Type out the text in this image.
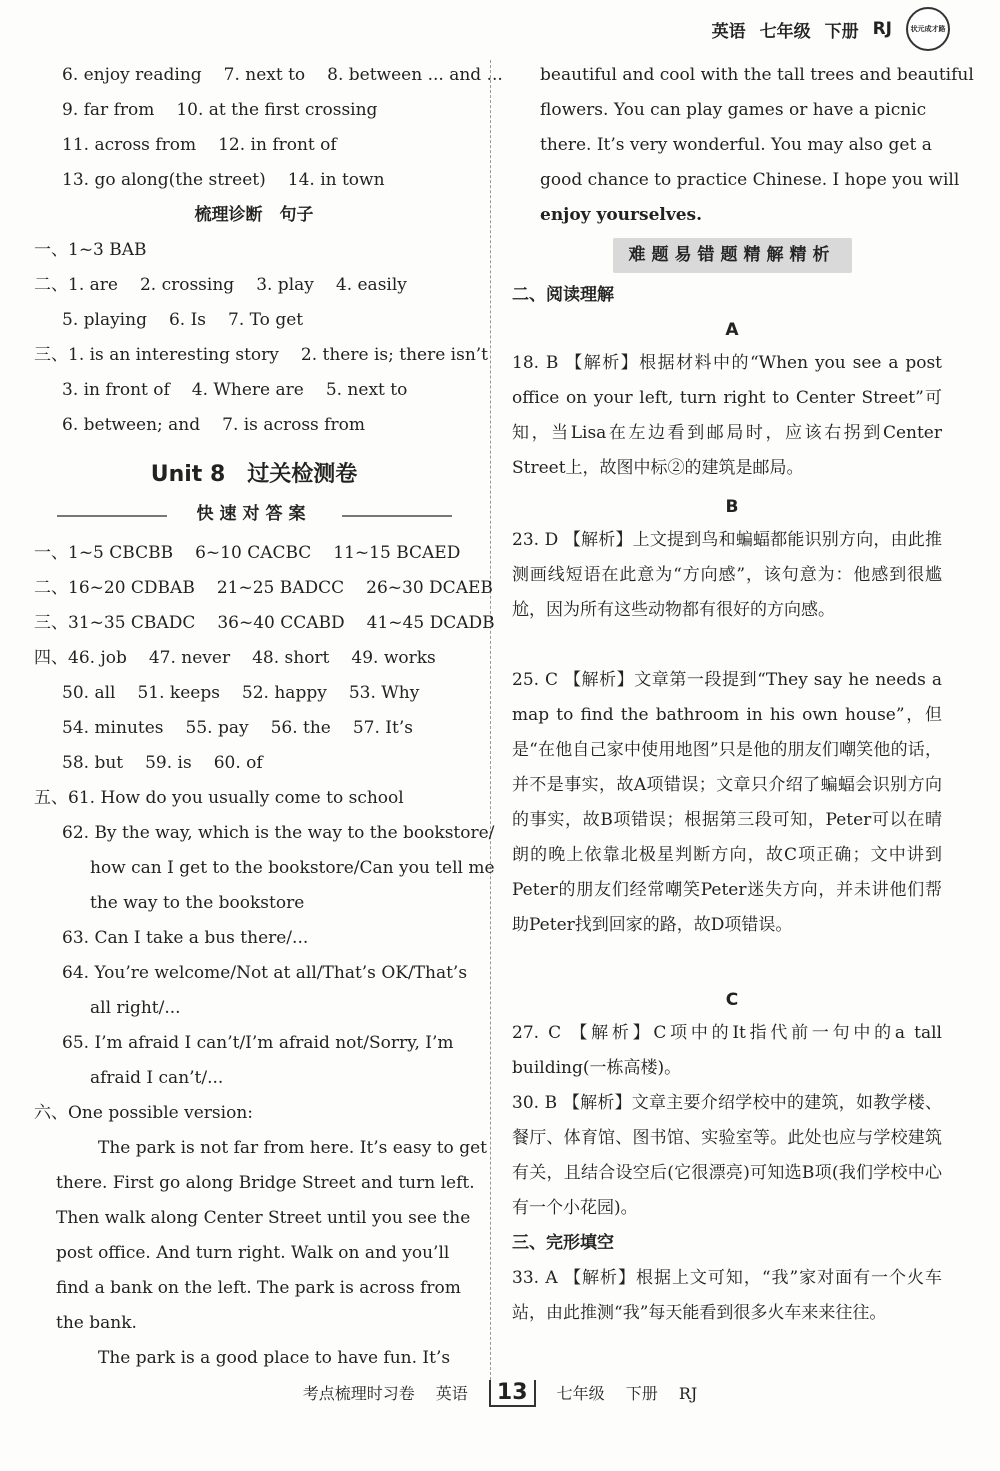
英语 七年级 下册 RJ	状元成才路
6. enjoy reading 7. next to 8. between ... and ...
9. far from 10. at the first crossing
11. across from 12. in front of
13. go along(the street) 14. in town
梳理诊断　句子
一、1~3 BAB
二、1. are 2. crossing 3. play 4. easily
5. playing 6. Is 7. To get
三、1. is an interesting story 2. there is; there isn’t
3. in front of 4. Where are 5. next to
6. between; and 7. is across from
Unit 8　过关检测卷
快速对答案
一、1~5 CBCBB 6~10 CACBC 11~15 BCAED
二、16~20 CDBAB 21~25 BADCC 26~30 DCAEB
三、31~35 CBADC 36~40 CCABD 41~45 DCADB
四、46. job 47. never 48. short 49. works
50. all 51. keeps 52. happy 53. Why
54. minutes 55. pay 56. the 57. It’s
58. but 59. is 60. of
五、61. How do you usually come to school
62. By the way, which is the way to the bookstore/
how can I get to the bookstore/Can you tell me
the way to the bookstore
63. Can I take a bus there/...
64. You’re welcome/Not at all/That’s OK/That’s
all right/...
65. I’m afraid I can’t/I’m afraid not/Sorry, I’m
afraid I can’t/...
六、One possible version:
The park is not far from here. It’s easy to get
there. First go along Bridge Street and turn left.
Then walk along Center Street until you see the
post office. And turn right. Walk on and you’ll
find a bank on the left. The park is across from
the bank.
The park is a good place to have fun. It’s
beautiful and cool with the tall trees and beautiful
flowers. You can play games or have a picnic
there. It’s very wonderful. You may also get a
good chance to practice Chinese. I hope you will
enjoy yourselves.
难题易错题精解精析
二、阅读理解
A
18. B 【解析】根据材料中的“When you see a post office on your left, turn right to Center Street”可知，当Lisa在左边看到邮局时，应该右拐到Center Street上，故图中标②的建筑是邮局。
B
23. D 【解析】上文提到鸟和蝙蝠都能识别方向，由此推测画线短语在此意为“方向感”，该句意为：他感到很尴尬，因为所有这些动物都有很好的方向感。
25. C 【解析】文章第一段提到“They say he needs a map to find the bathroom in his own house”，但是“在他自己家中使用地图”只是他的朋友们嘲笑他的话，并不是事实，故A项错误；文章只介绍了蝙蝠会识别方向的事实，故B项错误；根据第三段可知，Peter可以在晴朗的晚上依靠北极星判断方向，故C项正确；文中讲到Peter的朋友们经常嘲笑Peter迷失方向，并未讲他们帮助Peter找到回家的路，故D项错误。
C
27. C 【解析】C项中的It指代前一句中的a tall building(一栋高楼)。
30. B 【解析】文章主要介绍学校中的建筑，如教学楼、餐厅、体育馆、图书馆、实验室等。此处也应与学校建筑有关，且结合设空后(它很漂亮)可知选B项(我们学校中心有一个小花园)。
三、完形填空
33. A 【解析】根据上文可知，“我”家对面有一个火车站，由此推测“我”每天能看到很多火车来来往往。
考点梳理时习卷 英语 13 七年级 下册 RJ
